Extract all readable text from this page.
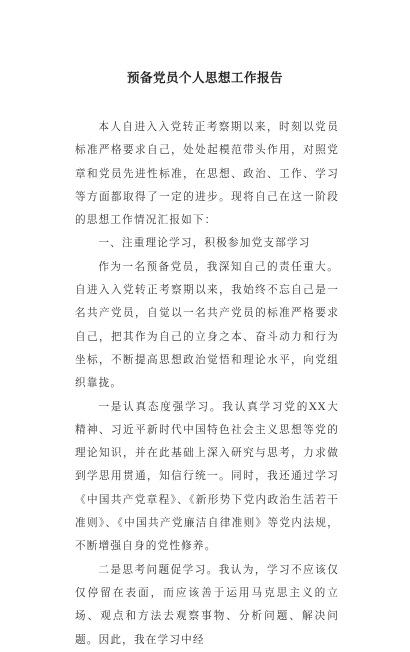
预备党员个人思想工作报告

本人自进入入党转正考察期以来，时刻以党员标准严格要求自己，处处起模范带头作用，对照党章和党员先进性标准，在思想、政治、工作、学习等方面都取得了一定的进步。现将自己在这一阶段的思想工作情况汇报如下：

一、注重理论学习，积极参加党支部学习

作为一名预备党员，我深知自己的责任重大。自进入入党转正考察期以来，我始终不忘自己是一名共产党员，自觉以一名共产党员的标准严格要求自己，把其作为自己的立身之本、奋斗动力和行为坐标，不断提高思想政治觉悟和理论水平，向党组织靠拢。

一是认真态度强学习。我认真学习党的XX大精神、习近平新时代中国特色社会主义思想等党的理论知识，并在此基础上深入研究与思考，力求做到学思用贯通，知信行统一。同时，我还通过学习《中国共产党章程》、《新形势下党内政治生活若干准则》、《中国共产党廉洁自律准则》等党内法规，不断增强自身的党性修养。

二是思考问题促学习。我认为，学习不应该仅仅停留在表面，而应该善于运用马克思主义的立场、观点和方法去观察事物、分析问题、解决问题。因此，我在学习中经
